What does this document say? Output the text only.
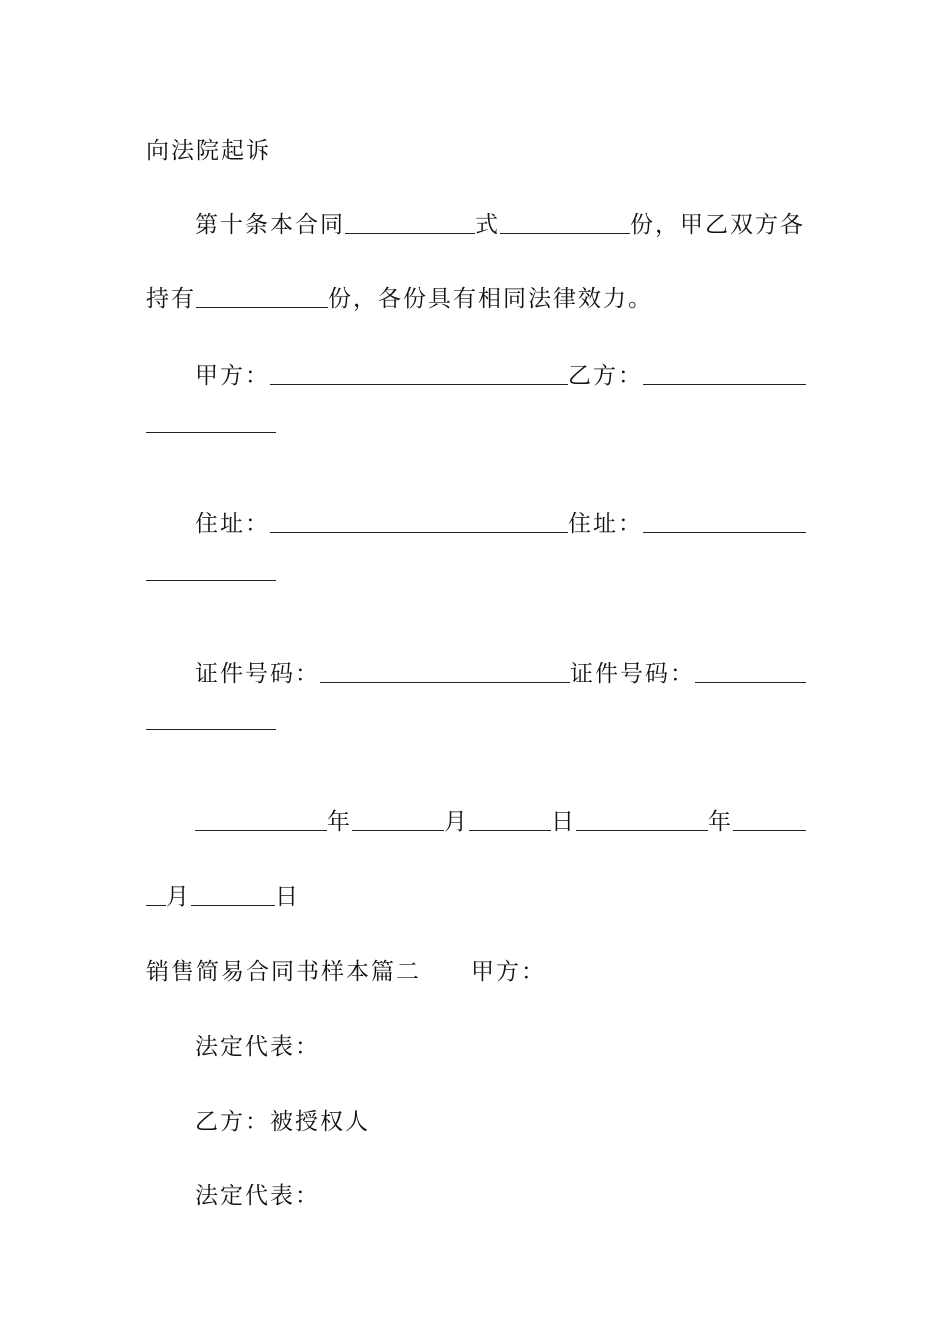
向法院起诉
第十条本合同	式	份，甲乙双方各
持有	份，各份具有相同法律效力。
甲方：	乙方：
住址：	住址：
证件号码：	证件号码：
年	月	日	年
月	日
销售简易合同书样本篇二 甲方：
法定代表：
乙方：被授权人
法定代表：
